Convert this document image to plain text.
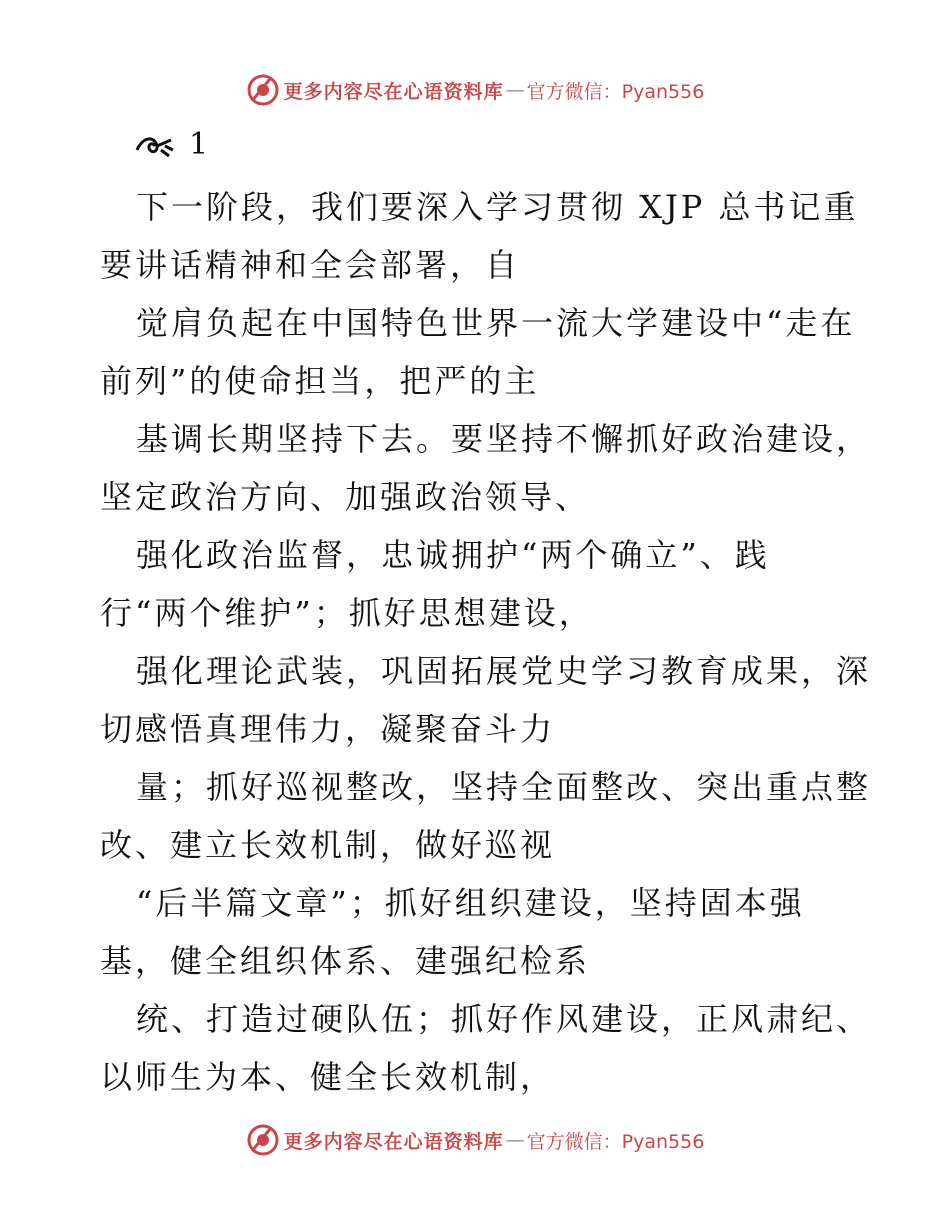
更多内容尽在心语资料库 — 官方微信：Pyan556
1
下一阶段，我们要深入学习贯彻 XJP 总书记重
要讲话精神和全会部署，自
觉肩负起在中国特色世界一流大学建设中“走在
前列”的使命担当，把严的主
基调长期坚持下去。要坚持不懈抓好政治建设，
坚定政治方向、加强政治领导、
强化政治监督，忠诚拥护“两个确立”、践
行“两个维护”；抓好思想建设，
强化理论武装，巩固拓展党史学习教育成果，深
切感悟真理伟力，凝聚奋斗力
量；抓好巡视整改，坚持全面整改、突出重点整
改、建立长效机制，做好巡视
“后半篇文章”；抓好组织建设，坚持固本强
基，健全组织体系、建强纪检系
统、打造过硬队伍；抓好作风建设，正风肃纪、
以师生为本、健全长效机制，
更多内容尽在心语资料库 — 官方微信：Pyan556
